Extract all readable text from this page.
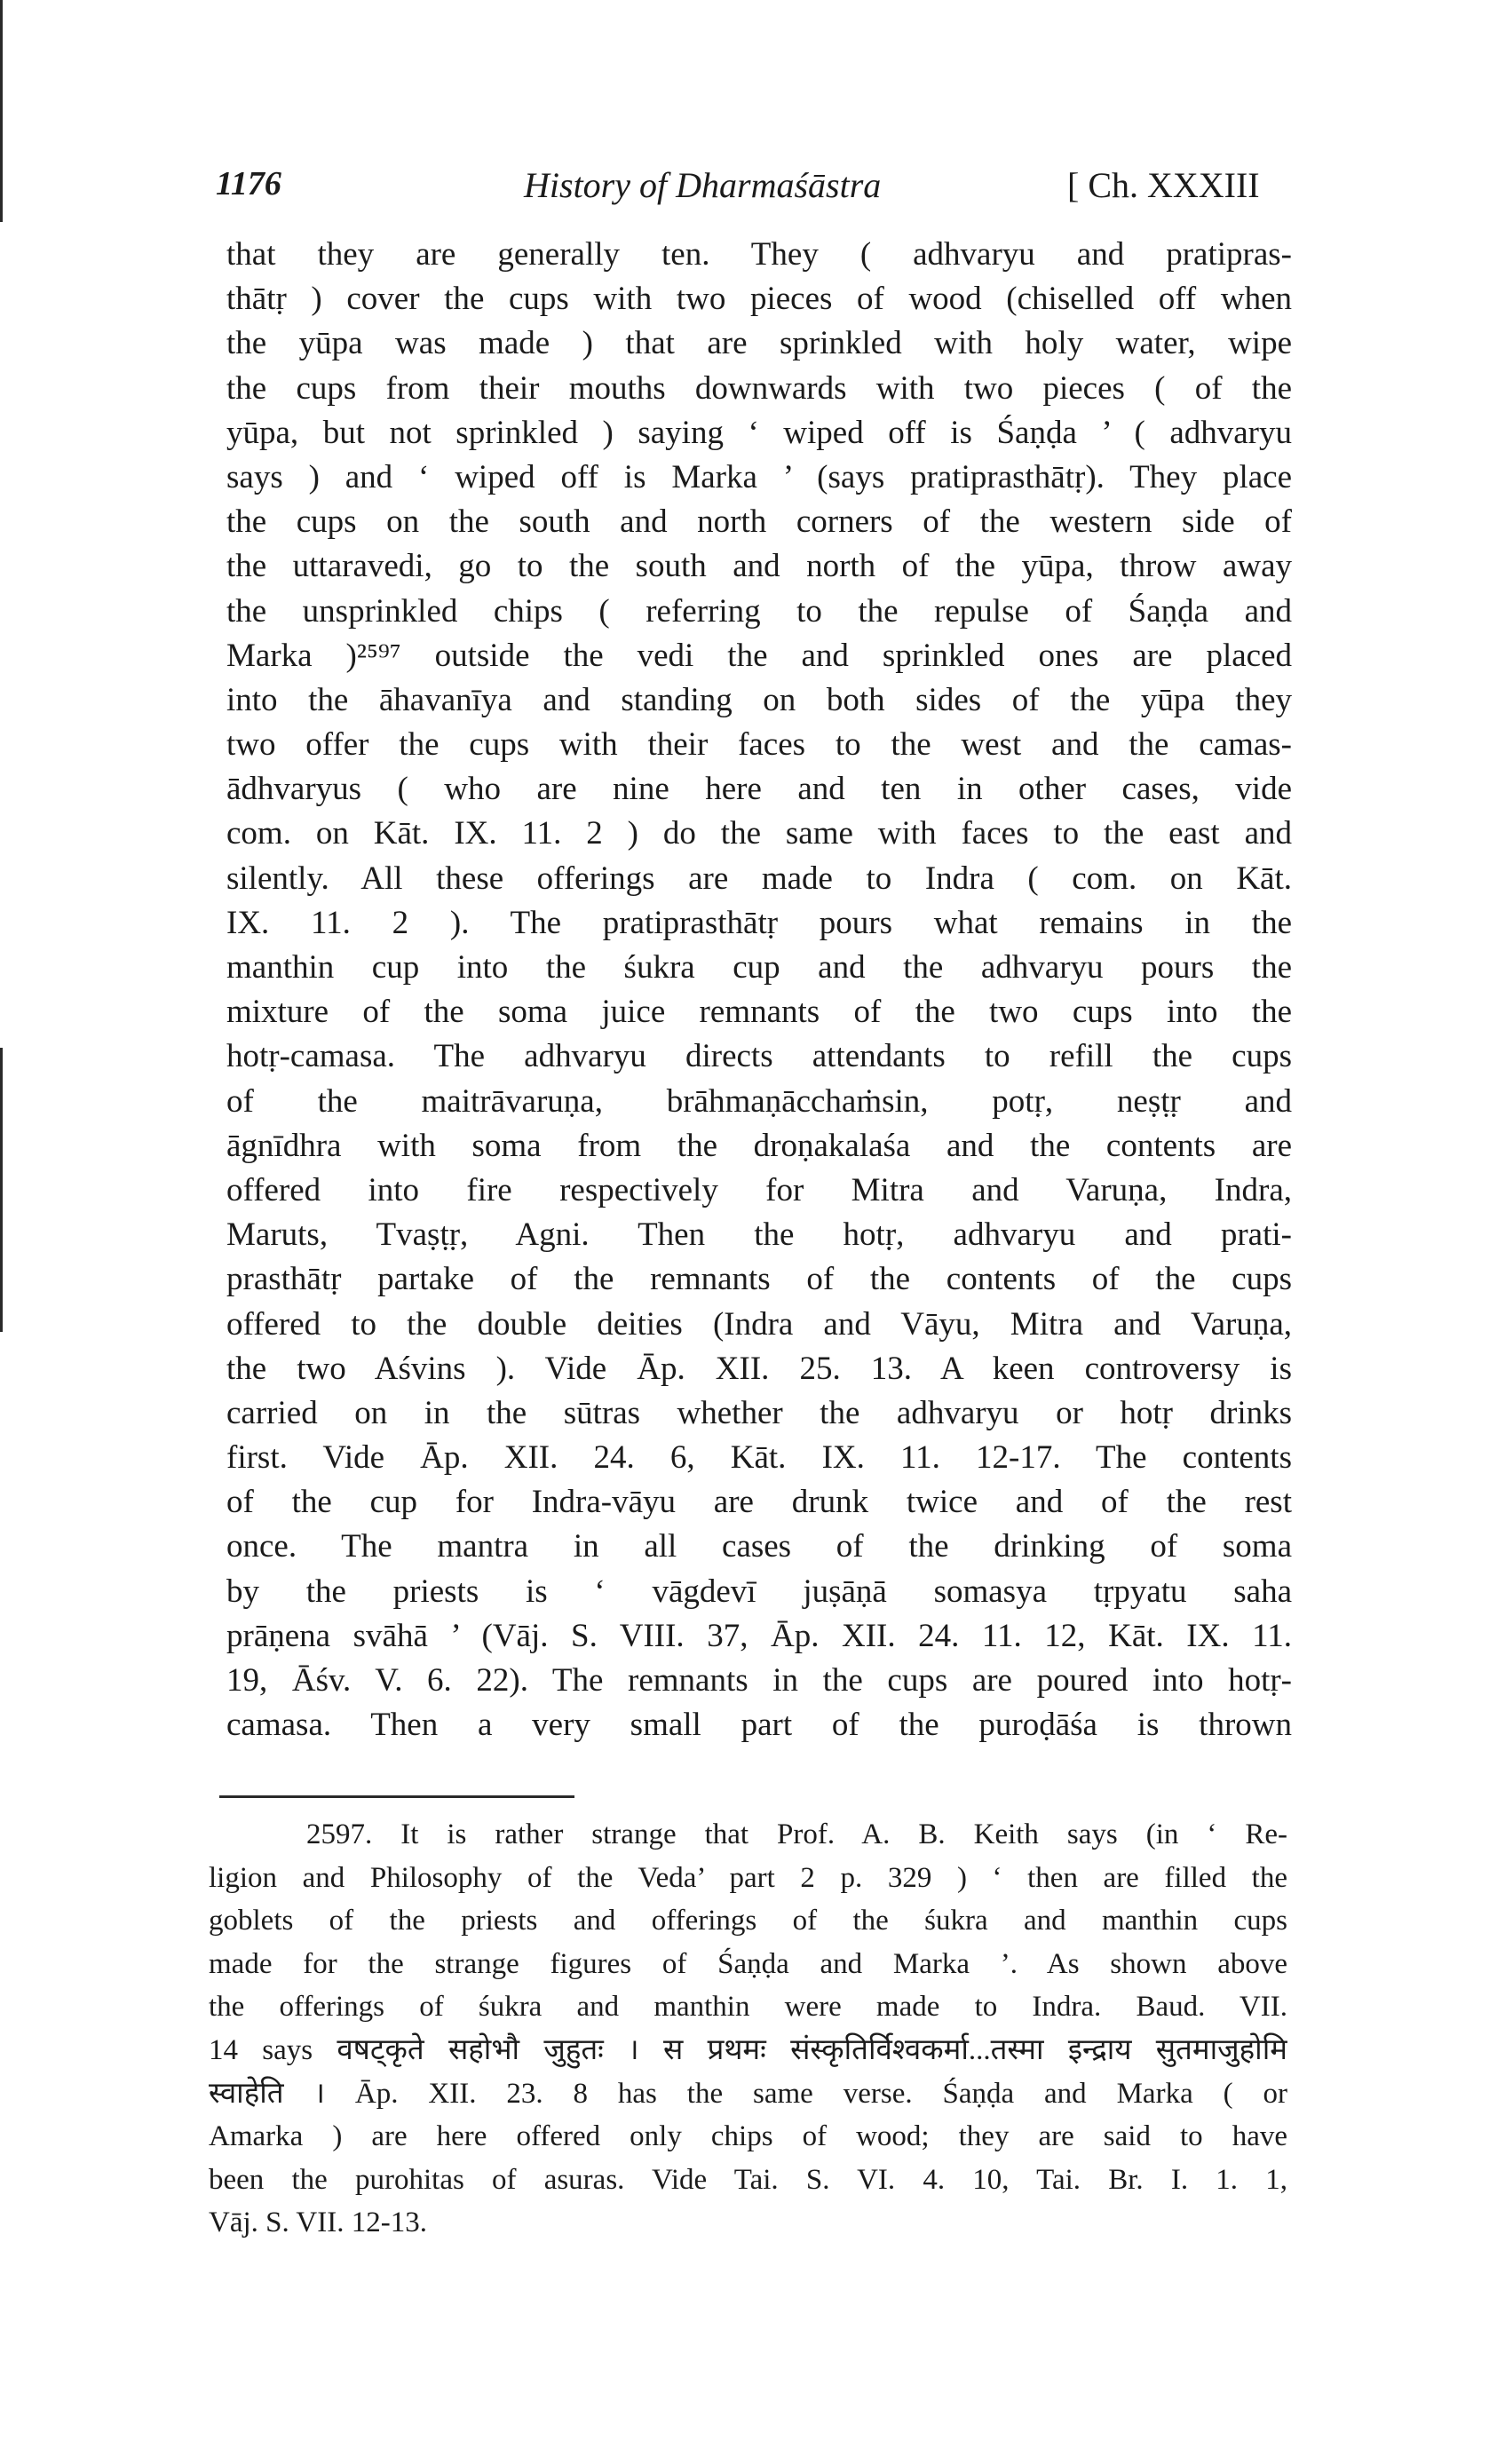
1176	History of Dharmaśāstra	[ Ch. XXXIII
that they are generally ten. They ( adhvaryu and pratipras-
thātṛ ) cover the cups with two pieces of wood (chiselled off when
the yūpa was made ) that are sprinkled with holy water, wipe
the cups from their mouths downwards with two pieces ( of the
yūpa, but not sprinkled ) saying ‘ wiped off is Śaṇḍa ’ ( adhvaryu
says ) and ‘ wiped off is Marka ’ (says pratiprasthātṛ). They place
the cups on the south and north corners of the western side of
the uttaravedi, go to the south and north of the yūpa, throw away
the unsprinkled chips ( referring to the repulse of Śaṇḍa and
Marka )²⁵⁹⁷ outside the vedi the and sprinkled ones are placed
into the āhavanīya and standing on both sides of the yūpa they
two offer the cups with their faces to the west and the camas-
ādhvaryus ( who are nine here and ten in other cases, vide
com. on Kāt. IX. 11. 2 ) do the same with faces to the east and
silently. All these offerings are made to Indra ( com. on Kāt.
IX. 11. 2 ). The pratiprasthātṛ pours what remains in the
manthin cup into the śukra cup and the adhvaryu pours the
mixture of the soma juice remnants of the two cups into the
hotṛ-camasa. The adhvaryu directs attendants to refill the cups
of the maitrāvaruṇa, brāhmaṇācchaṁsin, potṛ, neṣṭṛ and
āgnīdhra with soma from the droṇakalaśa and the contents are
offered into fire respectively for Mitra and Varuṇa, Indra,
Maruts, Tvaṣṭṛ, Agni. Then the hotṛ, adhvaryu and prati-
prasthātṛ partake of the remnants of the contents of the cups
offered to the double deities (Indra and Vāyu, Mitra and Varuṇa,
the two Aśvins ). Vide Āp. XII. 25. 13. A keen controversy is
carried on in the sūtras whether the adhvaryu or hotṛ drinks
first. Vide Āp. XII. 24. 6, Kāt. IX. 11. 12-17. The contents
of the cup for Indra-vāyu are drunk twice and of the rest
once. The mantra in all cases of the drinking of soma
by the priests is ‘ vāgdevī juṣāṇā somasya tṛpyatu saha
prāṇena svāhā ’ (Vāj. S. VIII. 37, Āp. XII. 24. 11. 12, Kāt. IX. 11.
19, Āśv. V. 6. 22). The remnants in the cups are poured into hotṛ-
camasa. Then a very small part of the puroḍāśa is thrown
2597. It is rather strange that Prof. A. B. Keith says (in ‘ Re-
ligion and Philosophy of the Veda’ part 2 p. 329 ) ‘ then are filled the
goblets of the priests and offerings of the śukra and manthin cups
made for the strange figures of Śaṇḍa and Marka ’. As shown above
the offerings of śukra and manthin were made to Indra. Baud. VII.
14 says वषट्कृते सहोभौ जुहुतः । स प्रथमः संस्कृतिर्विश्वकर्मा...तस्मा इन्द्राय सुतमाजुहोमि
स्वाहेति । Āp. XII. 23. 8 has the same verse. Śaṇḍa and Marka ( or
Amarka ) are here offered only chips of wood; they are said to have
been the purohitas of asuras. Vide Tai. S. VI. 4. 10, Tai. Br. I. 1. 1,
Vāj. S. VII. 12-13.
